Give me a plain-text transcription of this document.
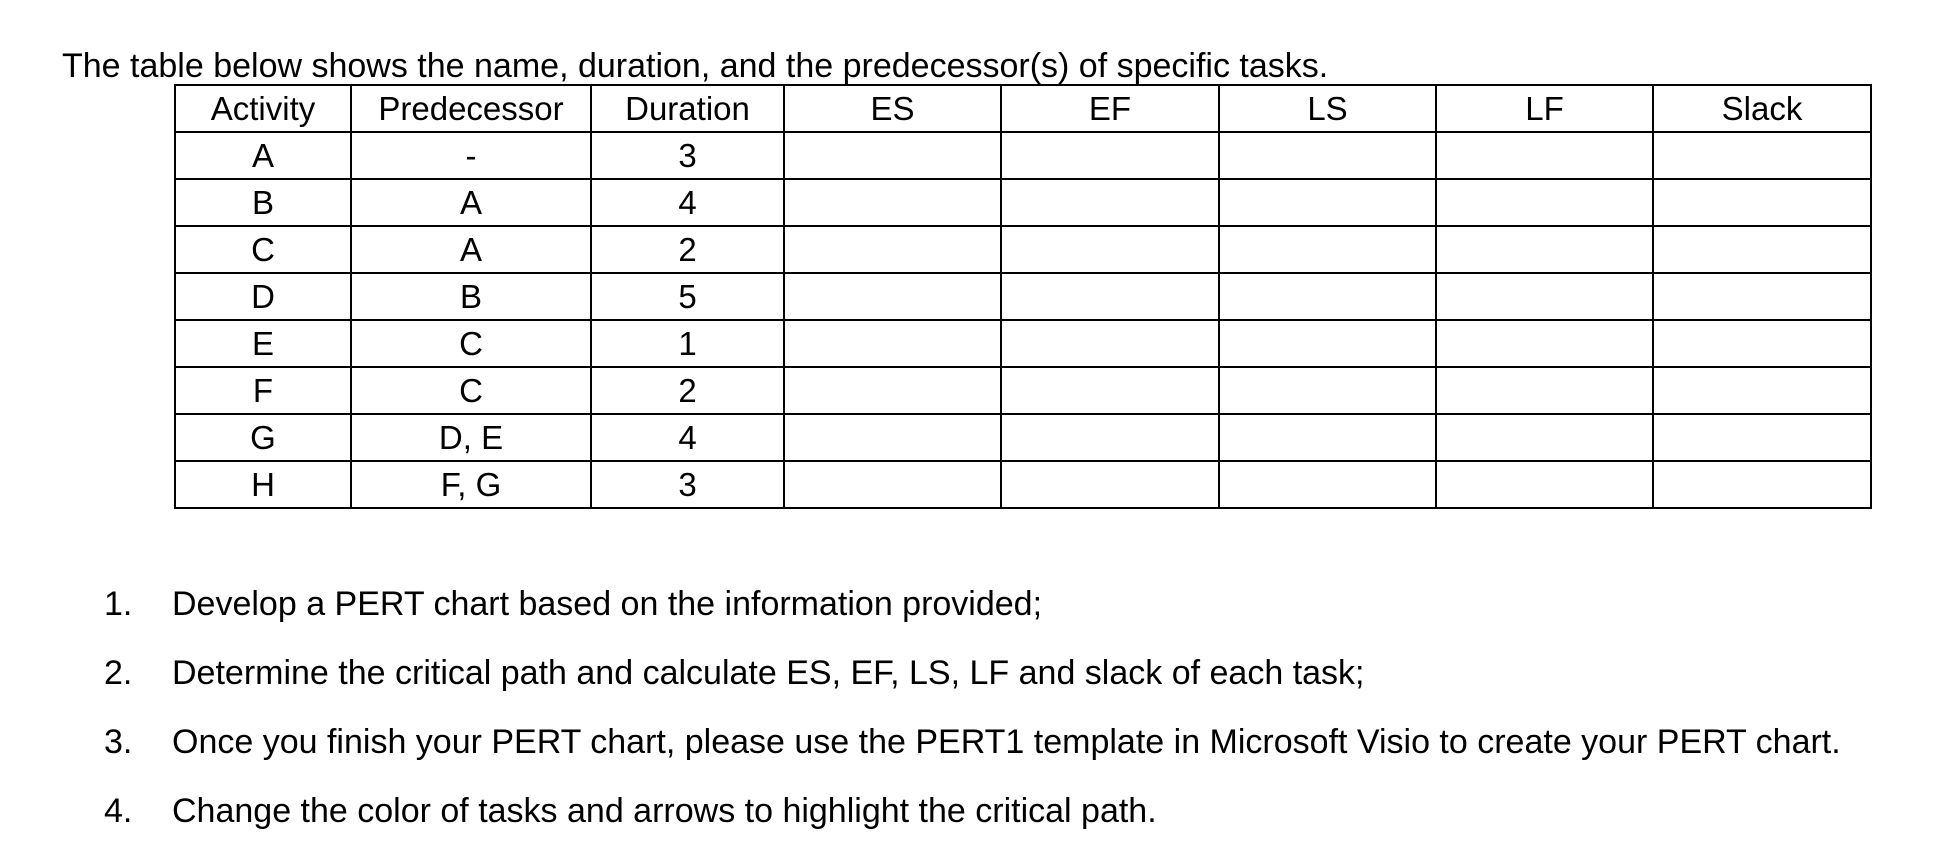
The table below shows the name, duration, and the predecessor(s) of specific tasks.

Activity	Predecessor	Duration	ES	EF	LS	LF	Slack
A	-	3					
B	A	4					
C	A	2					
D	B	5					
E	C	1					
F	C	2					
G	D, E	4					
H	F, G	3					
1.	Develop a PERT chart based on the information provided;
2.	Determine the critical path and calculate ES, EF, LS, LF and slack of each task;
3.	Once you finish your PERT chart, please use the PERT1 template in Microsoft Visio to create your PERT chart.
4.	Change the color of tasks and arrows to highlight the critical path.
